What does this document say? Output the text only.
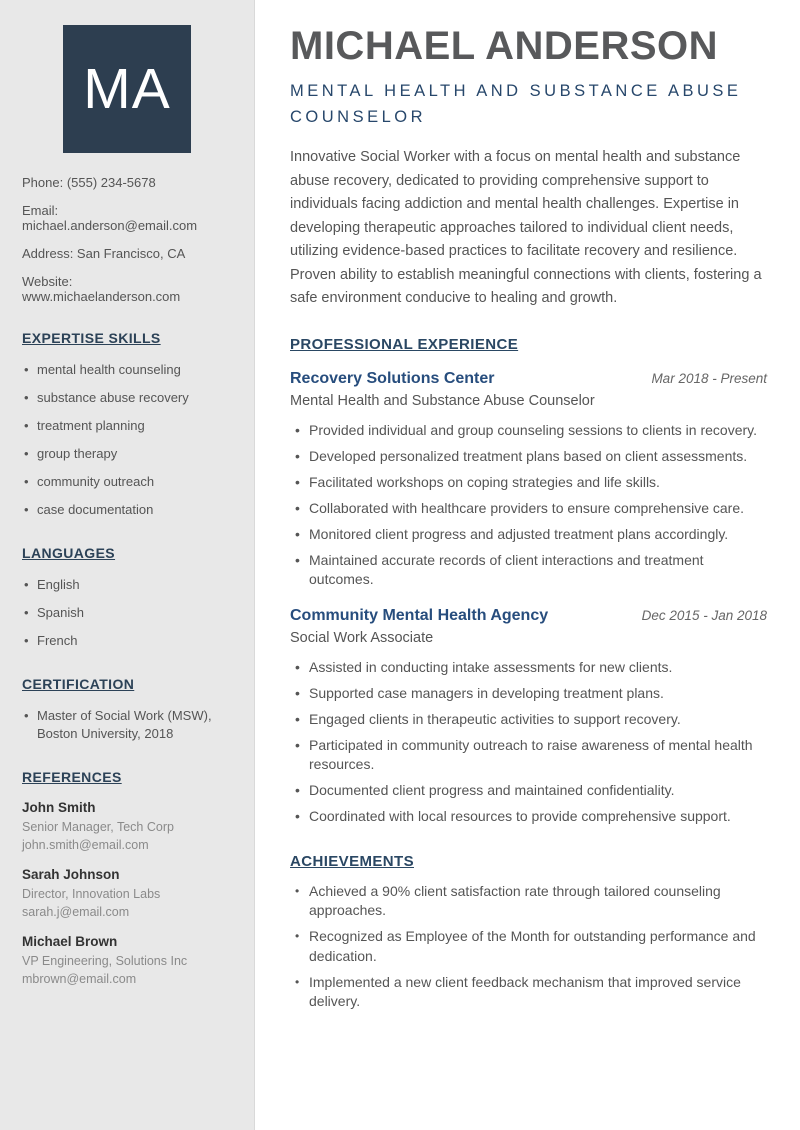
MA
Phone: (555) 234-5678
Email: michael.anderson@email.com
Address: San Francisco, CA
Website: www.michaelanderson.com
EXPERTISE SKILLS
• mental health counseling
• substance abuse recovery
• treatment planning
• group therapy
• community outreach
• case documentation
LANGUAGES
• English
• Spanish
• French
CERTIFICATION
• Master of Social Work (MSW), Boston University, 2018
REFERENCES
John Smith
Senior Manager, Tech Corp
john.smith@email.com
Sarah Johnson
Director, Innovation Labs
sarah.j@email.com
Michael Brown
VP Engineering, Solutions Inc
mbrown@email.com
MICHAEL ANDERSON
MENTAL HEALTH AND SUBSTANCE ABUSE COUNSELOR

Innovative Social Worker with a focus on mental health and substance abuse recovery, dedicated to providing comprehensive support to individuals facing addiction and mental health challenges. Expertise in developing therapeutic approaches tailored to individual client needs, utilizing evidence-based practices to facilitate recovery and resilience. Proven ability to establish meaningful connections with clients, fostering a safe environment conducive to healing and growth.

PROFESSIONAL EXPERIENCE
Recovery Solutions Center	Mar 2018 - Present
Mental Health and Substance Abuse Counselor
• Provided individual and group counseling sessions to clients in recovery.
• Developed personalized treatment plans based on client assessments.
• Facilitated workshops on coping strategies and life skills.
• Collaborated with healthcare providers to ensure comprehensive care.
• Monitored client progress and adjusted treatment plans accordingly.
• Maintained accurate records of client interactions and treatment outcomes.
Community Mental Health Agency	Dec 2015 - Jan 2018
Social Work Associate
• Assisted in conducting intake assessments for new clients.
• Supported case managers in developing treatment plans.
• Engaged clients in therapeutic activities to support recovery.
• Participated in community outreach to raise awareness of mental health resources.
• Documented client progress and maintained confidentiality.
• Coordinated with local resources to provide comprehensive support.
ACHIEVEMENTS
• Achieved a 90% client satisfaction rate through tailored counseling approaches.
• Recognized as Employee of the Month for outstanding performance and dedication.
• Implemented a new client feedback mechanism that improved service delivery.
